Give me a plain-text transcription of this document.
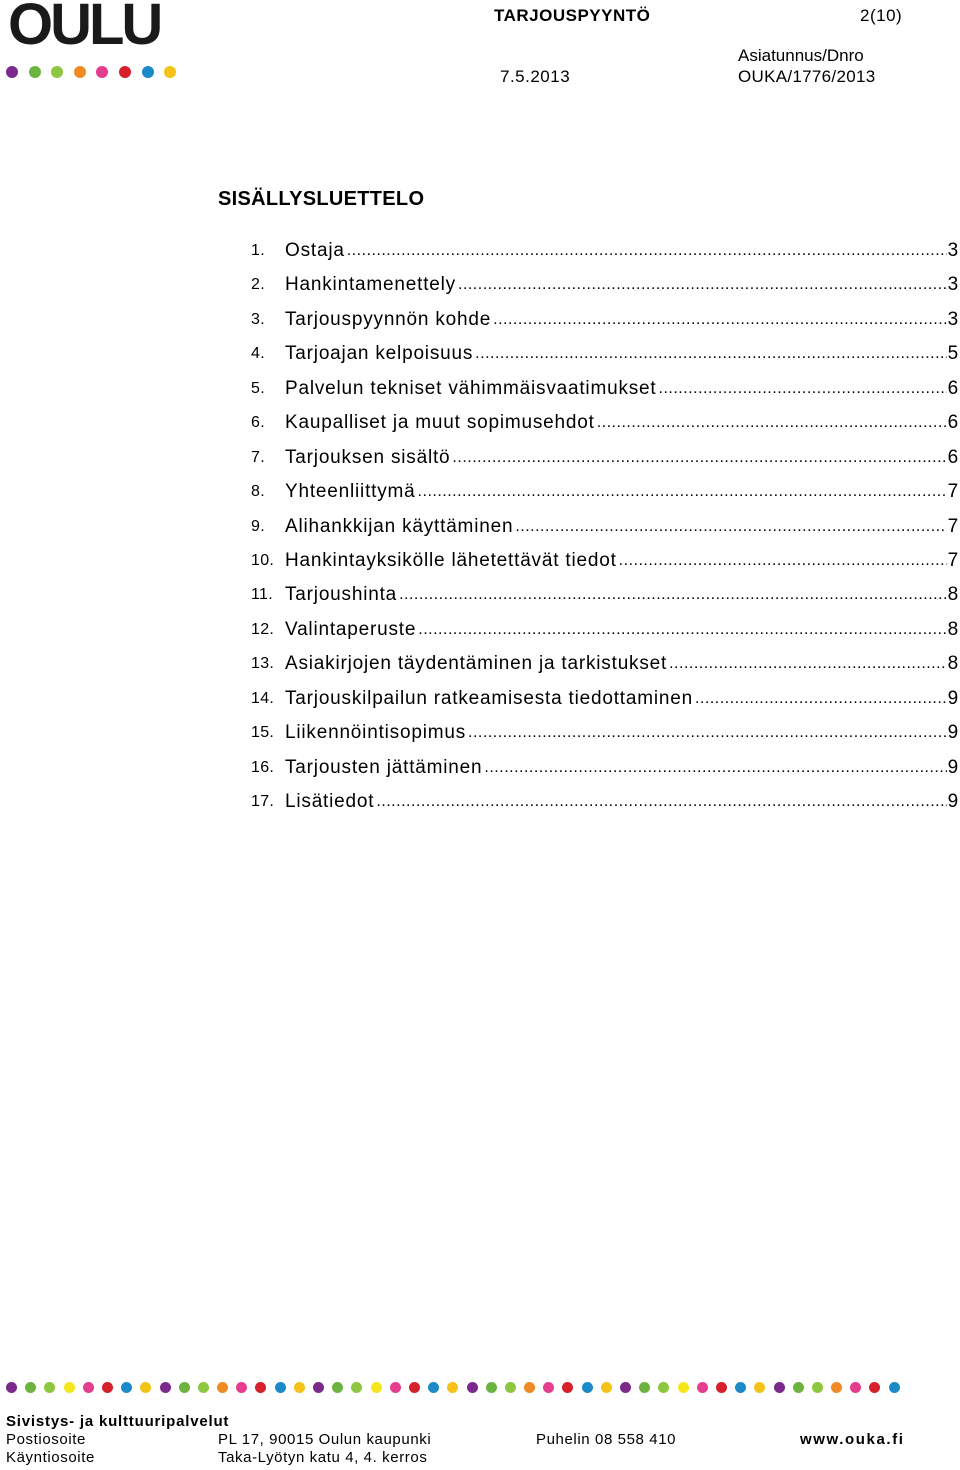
OULU	TARJOUSPYYNTÖ	2(10)
7.5.2013
Asiatunnus/Dnro
OUKA/1776/2013
SISÄLLYSLUETTELO
1.	Ostaja .....	3
2.	Hankintamenettely .....	3
3.	Tarjouspyynnön kohde .....	3
4.	Tarjoajan kelpoisuus .....	5
5.	Palvelun tekniset vähimmäisvaatimukset .....	6
6.	Kaupalliset ja muut sopimusehdot .....	6
7.	Tarjouksen sisältö .....	6
8.	Yhteenliittymä .....	7
9.	Alihankkijan käyttäminen .....	7
10. Hankintayksikölle lähetettävät tiedot .....	7
11. Tarjoushinta .....	8
12. Valintaperuste .....	8
13. Asiakirjojen täydentäminen ja tarkistukset .....	8
14. Tarjouskilpailun ratkeamisesta tiedottaminen .....	9
15. Liikennöintisopimus .....	9
16. Tarjousten jättäminen .....	9
17. Lisätiedot .....	9
Sivistys- ja kulttuuripalvelut
Postiosoite	PL 17, 90015 Oulun kaupunki
Käyntiosoite	Taka-Lyötyn katu 4, 4. kerros
Puhelin 08 558 410	www.ouka.fi
